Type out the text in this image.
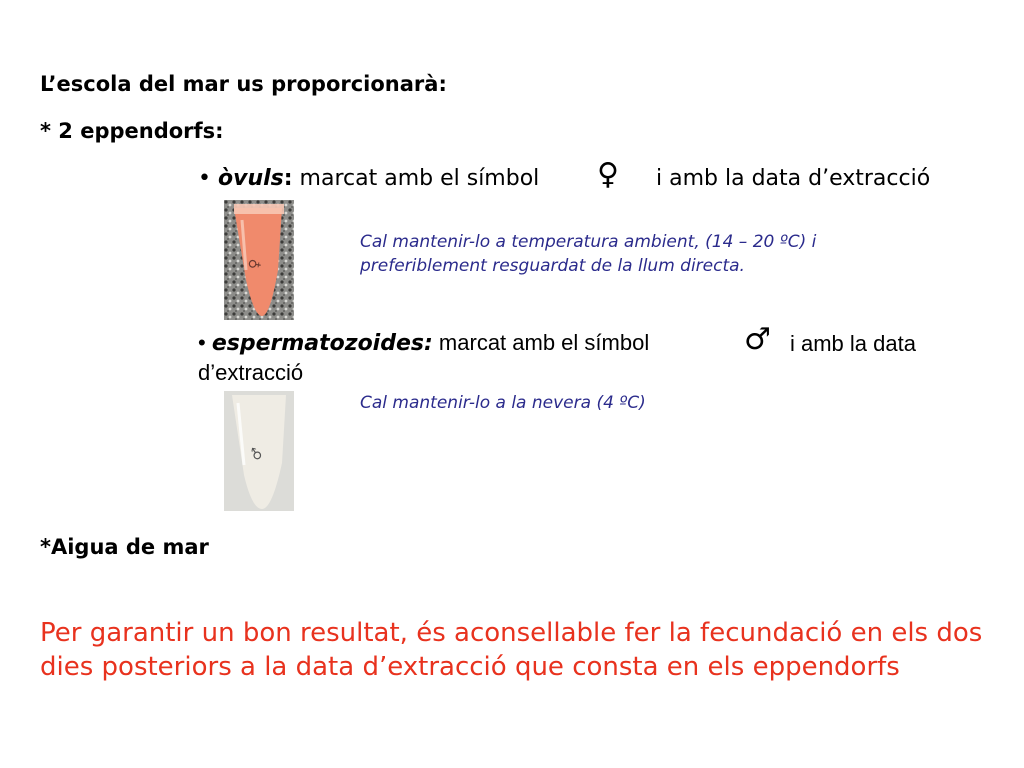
L’escola del mar us proporcionarà:
* 2 eppendorfs:
• òvuls: marcat amb el símbol ♀ i amb la data d’extracció
♀
Cal mantenir-lo a temperatura ambient, (14 – 20 ºC) i
preferiblement resguardat de la llum directa.
• espermatozoides: marcat amb el símbol	♂ i amb la data
d’extracció
♂
Cal mantenir-lo a la nevera (4 ºC)
*Aigua de mar
Per garantir un bon resultat, és aconsellable fer la fecundació en els dos dies posteriors a la data d’extracció que consta en els eppendorfs
